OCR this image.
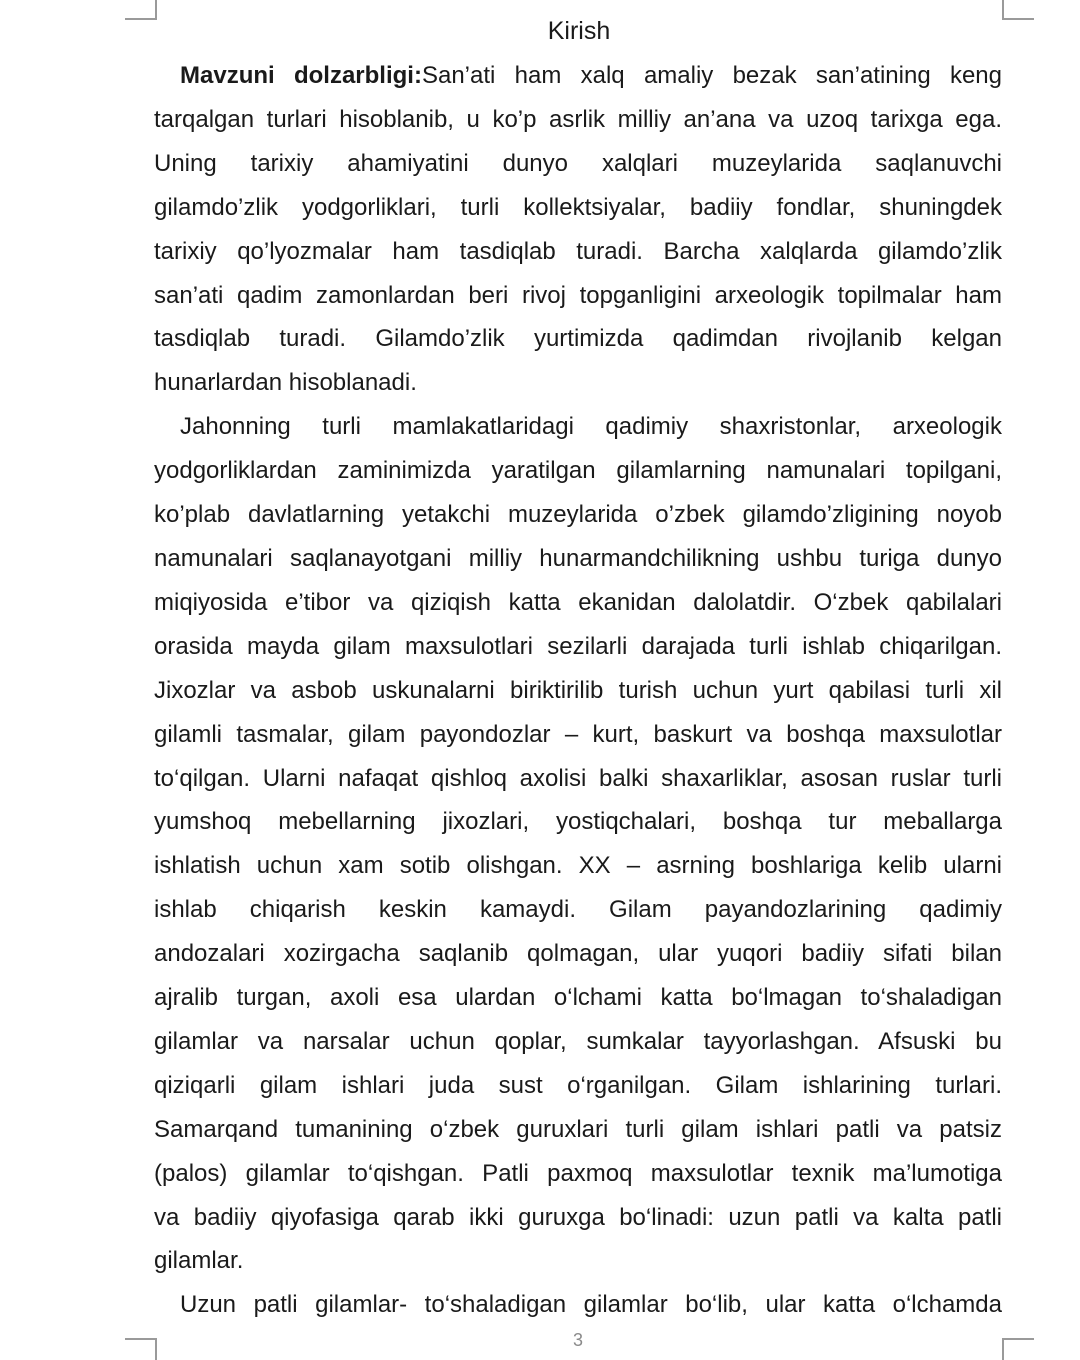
Kirish
Mavzuni dolzarbligi:San’ati ham xalq amaliy bezak san’atining keng
tarqalgan turlari hisoblanib, u ko’p asrlik milliy an’ana va uzoq tarixga ega.
Uning tarixiy ahamiyatini dunyo xalqlari muzeylarida saqlanuvchi
gilamdo’zlik yodgorliklari, turli kollektsiyalar, badiiy fondlar, shuningdek
tarixiy qo’lyozmalar ham tasdiqlab turadi. Barcha xalqlarda gilamdo’zlik
san’ati qadim zamonlardan beri rivoj topganligini arxeologik topilmalar ham
tasdiqlab turadi. Gilamdo’zlik yurtimizda qadimdan rivojlanib kelgan
hunarlardan hisoblanadi.
Jahonning turli mamlakatlaridagi qadimiy shaxristonlar, arxeologik
yodgorliklardan zaminimizda yaratilgan gilamlarning namunalari topilgani,
ko’plab davlatlarning yetakchi muzeylarida o’zbek gilamdo’zligining noyob
namunalari saqlanayotgani milliy hunarmandchilikning ushbu turiga dunyo
miqiyosida e’tibor va qiziqish katta ekanidan dalolatdir. O‘zbek qabilalari
orasida mayda gilam maxsulotlari sezilarli darajada turli ishlab chiqarilgan.
Jixozlar va asbob uskunalarni biriktirilib turish uchun yurt qabilasi turli xil
gilamli tasmalar, gilam payondozlar – kurt, baskurt va boshqa maxsulotlar
to‘qilgan. Ularni nafaqat qishloq axolisi balki shaxarliklar, asosan ruslar turli
yumshoq mebellarning jixozlari, yostiqchalari, boshqa tur meballarga
ishlatish uchun xam sotib olishgan. XX – asrning boshlariga kelib ularni
ishlab chiqarish keskin kamaydi. Gilam payandozlarining qadimiy
andozalari xozirgacha saqlanib qolmagan, ular yuqori badiiy sifati bilan
ajralib turgan, axoli esa ulardan o‘lchami katta bo‘lmagan to‘shaladigan
gilamlar va narsalar uchun qoplar, sumkalar tayyorlashgan. Afsuski bu
qiziqarli gilam ishlari juda sust o‘rganilgan. Gilam ishlarining turlari.
Samarqand tumanining o‘zbek guruxlari turli gilam ishlari patli va patsiz
(palos) gilamlar to‘qishgan. Patli paxmoq maxsulotlar texnik ma’lumotiga
va badiiy qiyofasiga qarab ikki guruxga bo‘linadi: uzun patli va kalta patli
gilamlar.
Uzun patli gilamlar- to‘shaladigan gilamlar bo‘lib, ular katta o‘lchamda
3
